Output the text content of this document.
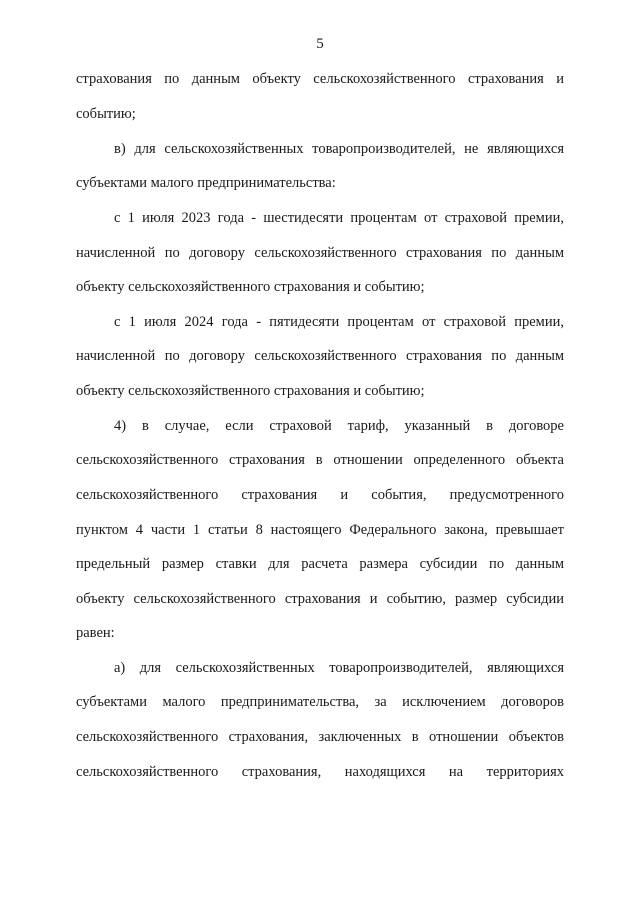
5
страхования по данным объекту сельскохозяйственного страхования и
событию;
в) для сельскохозяйственных товаропроизводителей, не являющихся
субъектами малого предпринимательства:
с 1 июля 2023 года - шестидесяти процентам от страховой премии,
начисленной по договору сельскохозяйственного страхования по данным
объекту сельскохозяйственного страхования и событию;
с 1 июля 2024 года - пятидесяти процентам от страховой премии,
начисленной по договору сельскохозяйственного страхования по данным
объекту сельскохозяйственного страхования и событию;
4) в случае, если страховой тариф, указанный в договоре
сельскохозяйственного страхования в отношении определенного объекта
сельскохозяйственного страхования и события, предусмотренного
пунктом 4 части 1 статьи 8 настоящего Федерального закона, превышает
предельный размер ставки для расчета размера субсидии по данным
объекту сельскохозяйственного страхования и событию, размер субсидии
равен:
а) для сельскохозяйственных товаропроизводителей, являющихся
субъектами малого предпринимательства, за исключением договоров
сельскохозяйственного страхования, заключенных в отношении объектов
сельскохозяйственного страхования, находящихся на территориях
